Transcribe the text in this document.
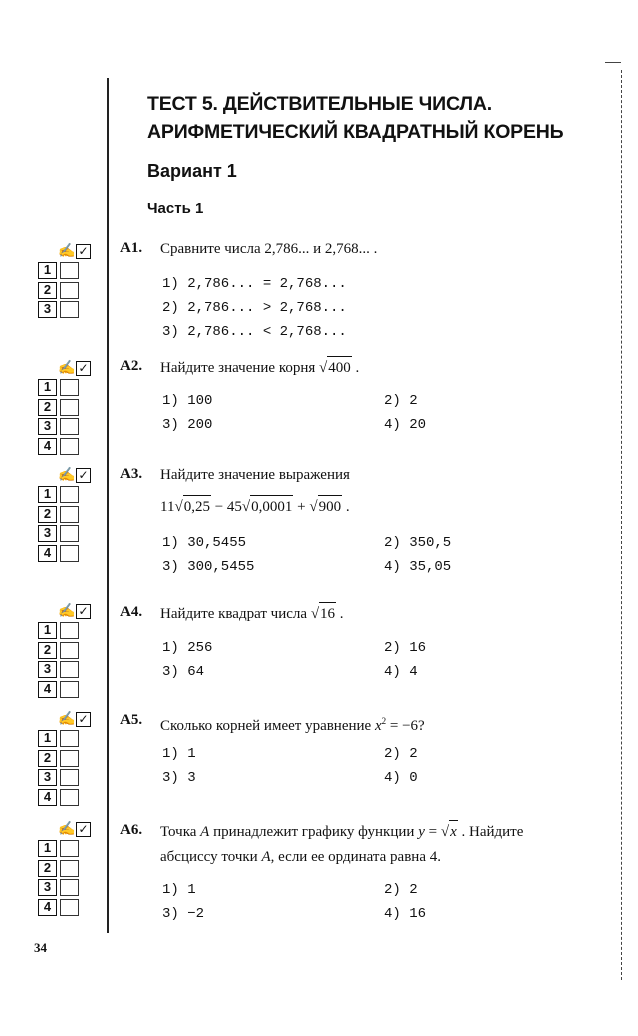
ТЕСТ 5. ДЕЙСТВИТЕЛЬНЫЕ ЧИСЛА.
АРИФМЕТИЧЕСКИЙ КВАДРАТНЫЙ КОРЕНЬ
Вариант 1
Часть 1
✍ ✓
1
2
3
A1. Сравните числа 2,786... и 2,768... .
1) 2,786... = 2,768...
2) 2,786... > 2,768...
3) 2,786... < 2,768...
✍ ✓
1
2
3
4
A2. Найдите значение корня √ 400 .
1) 100	2) 2
3) 200	4) 20
✍ ✓
1
2
3
4
A3. Найдите значение выражения
11 √ 0,25 − 45 √ 0,0001 + √ 900 .
1) 30,5455	2) 350,5
3) 300,5455	4) 35,05
✍ ✓
1
2
3
4
A4. Найдите квадрат числа √ 16 .
1) 256	2) 16
3) 64	4) 4
✍ ✓
1
2
3
4
A5. Сколько корней имеет уравнение $x^2 = -6$?
1) 1	2) 2
3) 3	4) 0
✍ ✓
1
2
3
4
A6. Точка A принадлежит графику функции y = √ x . Найдите
абсциссу точки A, если ее ордината равна 4.
1) 1	2) 2
3) −2	4) 16
34
